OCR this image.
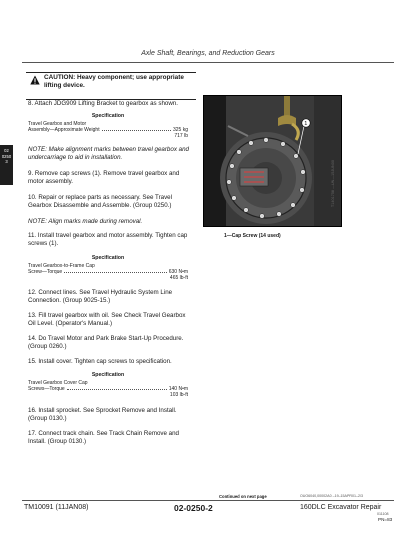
Axle Shaft, Bearings, and Reduction Gears
02
0250
3
CAUTION: Heavy component; use appropriate lifting device.
8. Attach JDG909 Lifting Bracket to gearbox as shown.
Specification
Travel Gearbox and Motor
Assembly—Approximate Weight	325 kg
717 lb
NOTE: Make alignment marks between travel gearbox and undercarriage to aid in installation.
9. Remove cap screws (1). Remove travel gearbox and motor assembly.
10. Repair or replace parts as necessary. See Travel Gearbox Disassemble and Assemble. (Group 0250.)
NOTE: Align marks made during removal.
11. Install travel gearbox and motor assembly. Tighten cap screws (1).
Specification
Travel Gearbox-to-Frame Cap
Screw—Torque	630 N•m
465 lb-ft
12. Connect lines. See Travel Hydraulic System Line Connection. (Group 9025-15.)
13. Fill travel gearbox with oil. See Check Travel Gearbox Oil Level. (Operator's Manual.)
14. Do Travel Motor and Park Brake Start-Up Procedure. (Group 0260.)
15. Install cover. Tighten cap screws to specification.
Specification
Travel Gearbox Cover Cap
Screws—Torque	140 N•m
103 lb-ft
16. Install sprocket. See Sprocket Remove and Install. (Group 0130.)
17. Connect track chain. See Track Chain Remove and Install. (Group 0130.)
1
T1401758 —UN—15JUN00
1—Cap Screw (14 used)
Continued on next page	OUO6040,00002A0 –19–15APR01–2/3
TM10091 (11JAN08)	02-0250-2	160DLC Excavator Repair
011108
PN=83
